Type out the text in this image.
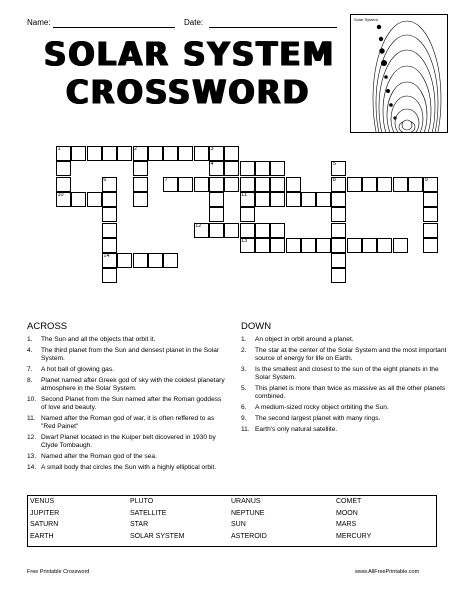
Name:	Date:
SOLAR SYSTEM
CROSSWORD
Solar System
1
4
7	8
10	11
12
13
14
2	3
5
6	9
ACROSS
1. The Sun and all the objects that orbit it.
4. The third planet from the Sun and densest planet in the Solar System.
7. A hot ball of glowing gas.
8. Planet named after Greek god of sky with the coldest planetary atmosphere in the Solar System.
10. Second Planet from the Sun named after the Roman goddess of love and beauty.
11. Named after the Roman god of war, it is often reffered to as "Red Painet"
12. Dwarf Planet located in the Kuiper belt dicovered in 1930 by Clyde Tombaugh.
13. Named after the Roman god of the sea.
14. A small body that circles the Sun with a highly elliptical orbit.
DOWN
1. An object in orbit around a planet.
2. The star at the center of the Solar System and the most important source of energy for life on Earth.
3. Is the smallest and closest to the sun of the eight planets in the Solar System.
5. This planet is more than twice as massive as all the other planets combined.
6. A medium-sized rocky object orbiting the Sun.
9. The second largest planet with many rings.
11. Earth's only natural satellite.
VENUS	PLUTO	URANUS	COMET
JUPITER	SATELLITE	NEPTUNE	MOON
SATURN	STAR	SUN	MARS
EARTH	SOLAR SYSTEM	ASTEROID	MERCURY
Free Printable Crossword	www.AllFreePrintable.com
